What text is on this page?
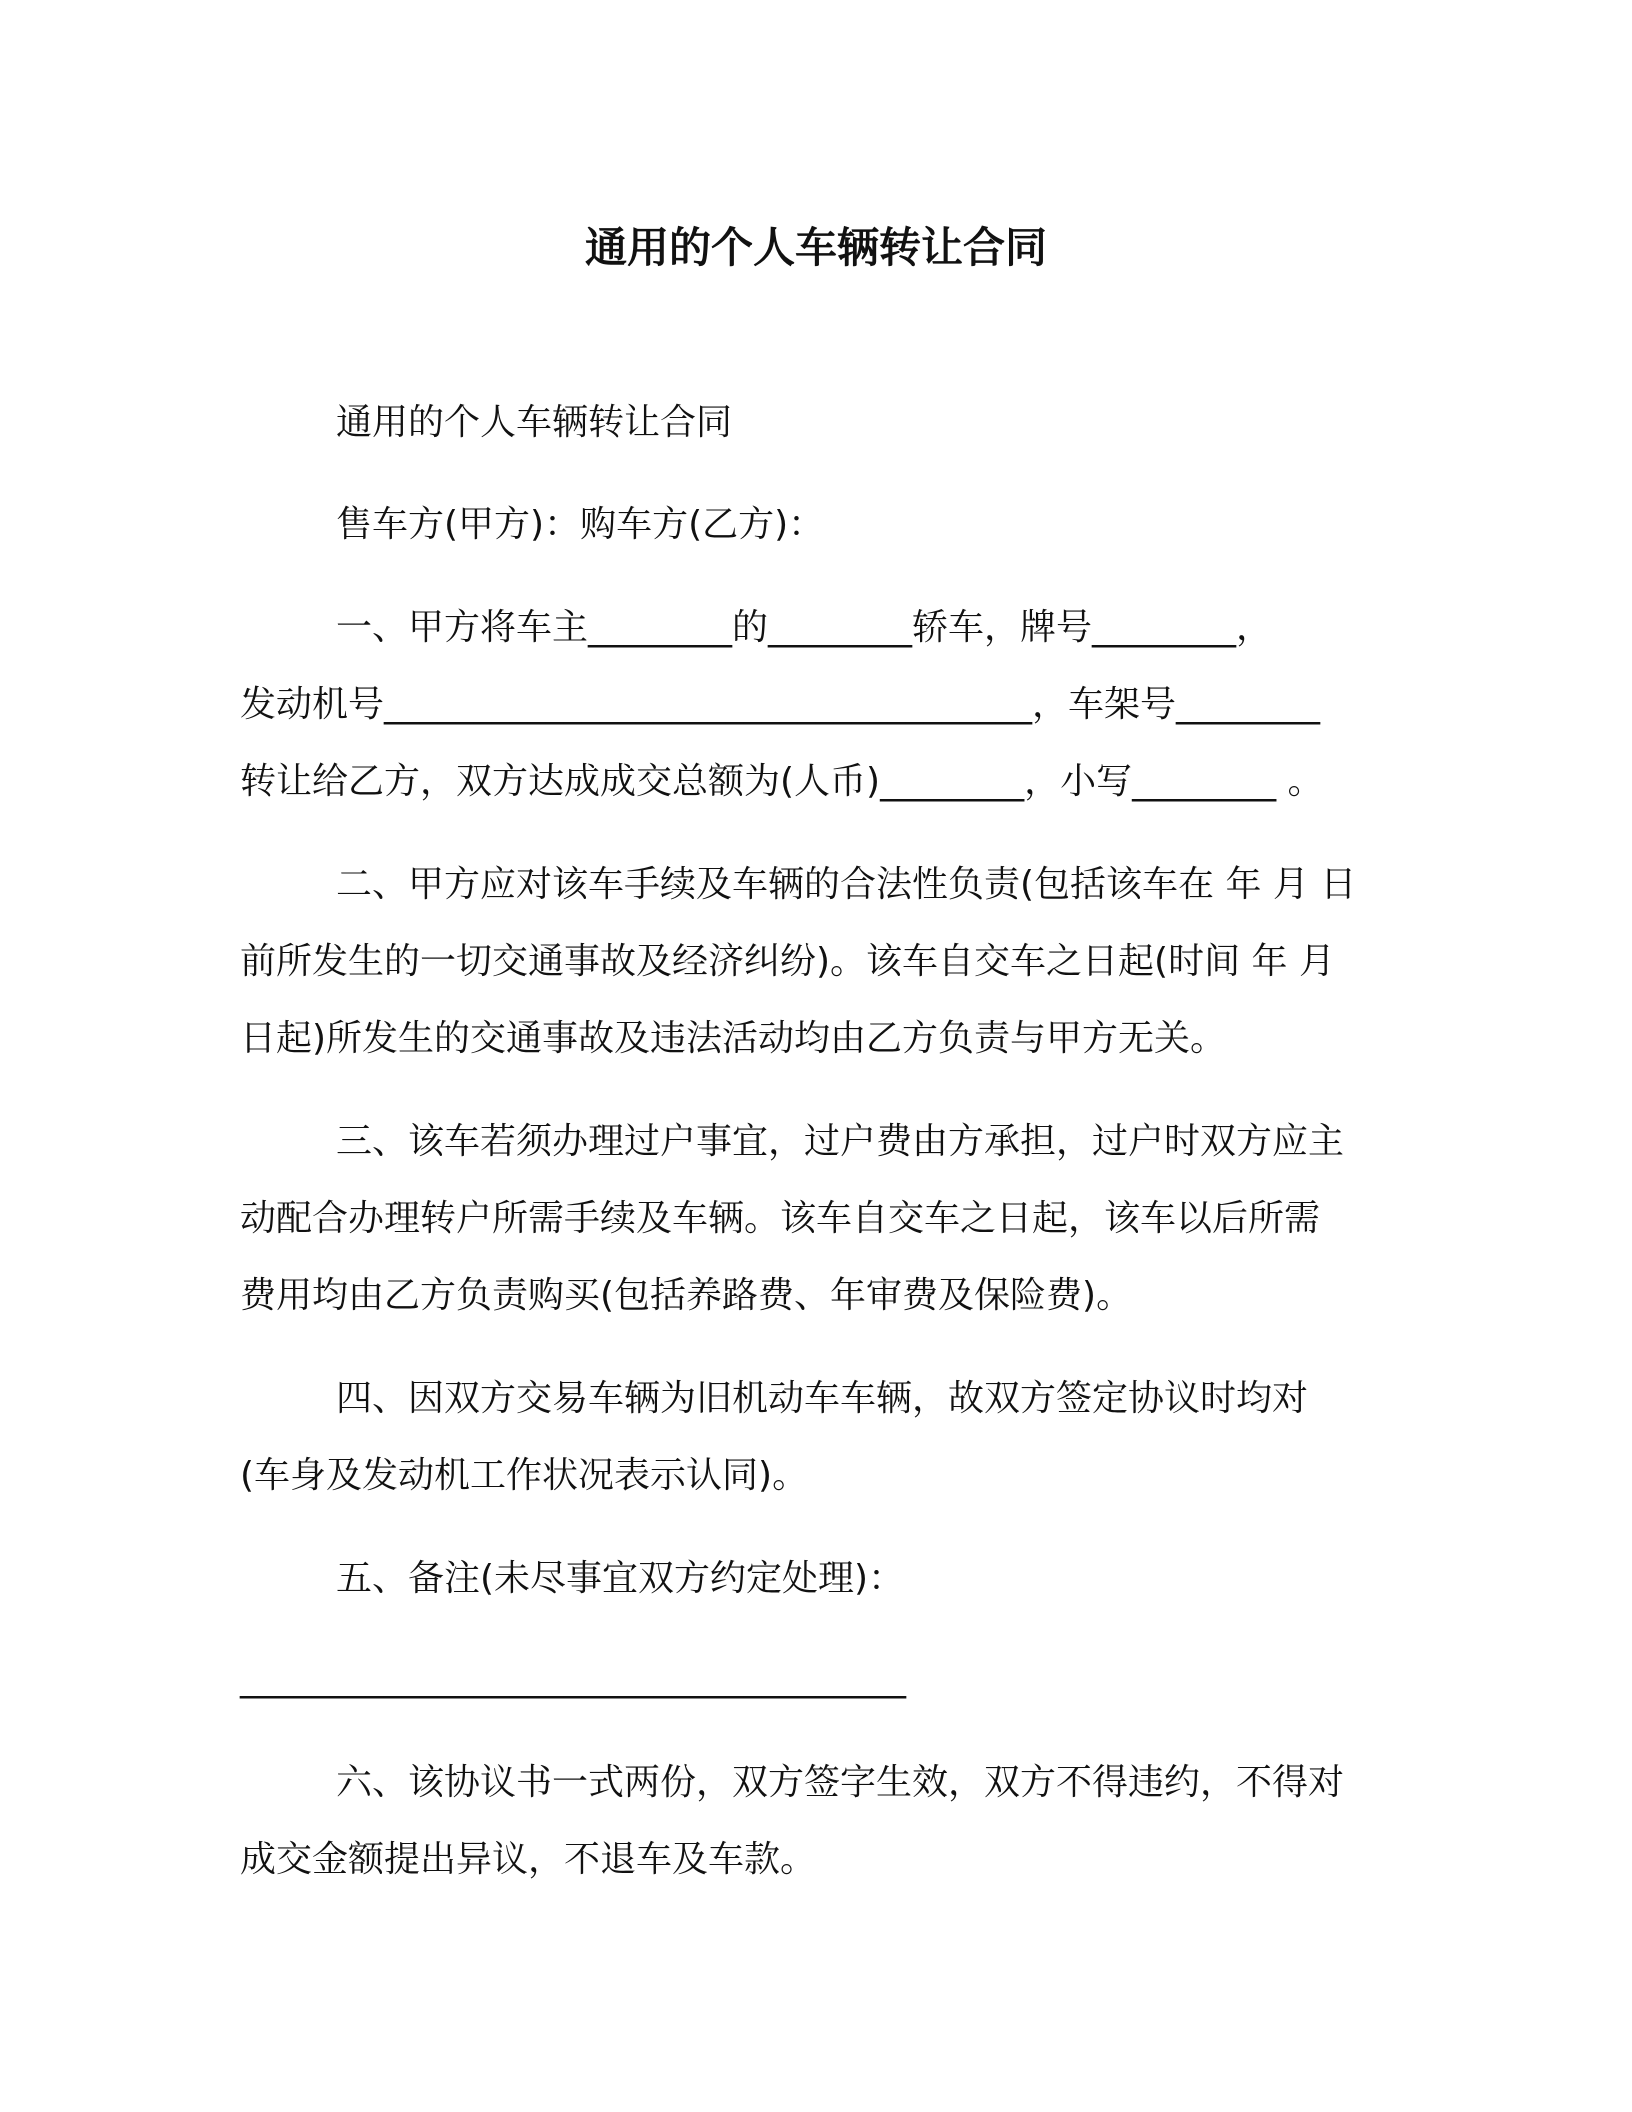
通用的个人车辆转让合同
通用的个人车辆转让合同
售车方(甲方)：购车方(乙方)：
一、甲方将车主________的________轿车，牌号________，
发动机号____________________________________，车架号________
转让给乙方，双方达成成交总额为(人币)________，小写________ 。
二、甲方应对该车手续及车辆的合法性负责(包括该车在 年 月 日
前所发生的一切交通事故及经济纠纷)。该车自交车之日起(时间 年 月
日起)所发生的交通事故及违法活动均由乙方负责与甲方无关。
三、该车若须办理过户事宜，过户费由方承担，过户时双方应主
动配合办理转户所需手续及车辆。该车自交车之日起，该车以后所需
费用均由乙方负责购买(包括养路费、年审费及保险费)。
四、因双方交易车辆为旧机动车车辆，故双方签定协议时均对
(车身及发动机工作状况表示认同)。
五、备注(未尽事宜双方约定处理)：
_____________________________________
六、该协议书一式两份，双方签字生效，双方不得违约，不得对
成交金额提出异议，不退车及车款。
